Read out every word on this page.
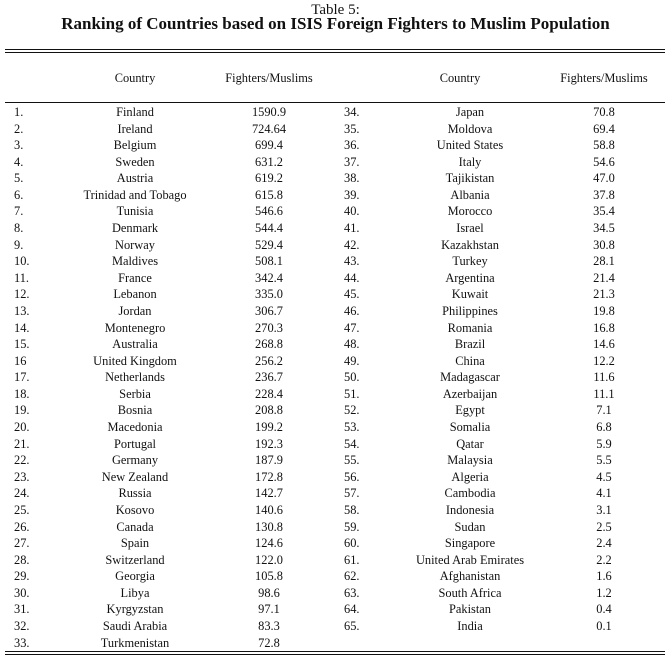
Table 5:
Ranking of Countries based on ISIS Foreign Fighters to Muslim Population
Country	Fighters/Muslims	Country	Fighters/Muslims
1.	Finland	1590.9
2.	Ireland	724.64
3.	Belgium	699.4
4.	Sweden	631.2
5.	Austria	619.2
6.	Trinidad and Tobago	615.8
7.	Tunisia	546.6
8.	Denmark	544.4
9.	Norway	529.4
10.	Maldives	508.1
11.	France	342.4
12.	Lebanon	335.0
13.	Jordan	306.7
14.	Montenegro	270.3
15.	Australia	268.8
16	United Kingdom	256.2
17.	Netherlands	236.7
18.	Serbia	228.4
19.	Bosnia	208.8
20.	Macedonia	199.2
21.	Portugal	192.3
22.	Germany	187.9
23.	New Zealand	172.8
24.	Russia	142.7
25.	Kosovo	140.6
26.	Canada	130.8
27.	Spain	124.6
28.	Switzerland	122.0
29.	Georgia	105.8
30.	Libya	98.6
31.	Kyrgyzstan	97.1
32.	Saudi Arabia	83.3
33.	Turkmenistan	72.8
34.	Japan	70.8
35.	Moldova	69.4
36.	United States	58.8
37.	Italy	54.6
38.	Tajikistan	47.0
39.	Albania	37.8
40.	Morocco	35.4
41.	Israel	34.5
42.	Kazakhstan	30.8
43.	Turkey	28.1
44.	Argentina	21.4
45.	Kuwait	21.3
46.	Philippines	19.8
47.	Romania	16.8
48.	Brazil	14.6
49.	China	12.2
50.	Madagascar	11.6
51.	Azerbaijan	11.1
52.	Egypt	7.1
53.	Somalia	6.8
54.	Qatar	5.9
55.	Malaysia	5.5
56.	Algeria	4.5
57.	Cambodia	4.1
58.	Indonesia	3.1
59.	Sudan	2.5
60.	Singapore	2.4
61.	United Arab Emirates	2.2
62.	Afghanistan	1.6
63.	South Africa	1.2
64.	Pakistan	0.4
65.	India	0.1
